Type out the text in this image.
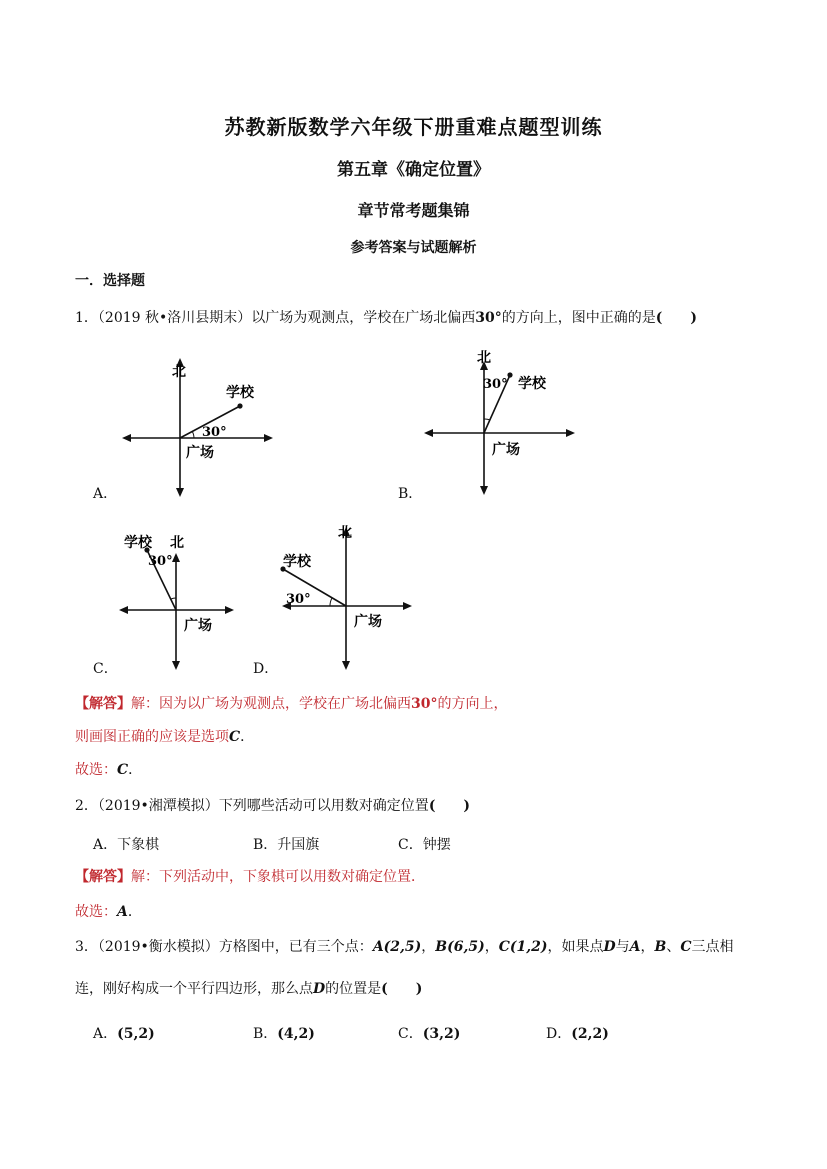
苏教新版数学六年级下册重难点题型训练
第五章《确定位置》
章节常考题集锦
参考答案与试题解析
一．选择题
1．（2019 秋•洛川县期末）以广场为观测点，学校在广场北偏西30°的方向上，图中正确的是(　　)
北
学校
30°
广场
A．
北
30° 学校
广场
B．
学校 北
30°
广场
C．
北
学校
30°
广场
D．
【解答】解：因为以广场为观测点，学校在广场北偏西30°的方向上，
则画图正确的应该是选项C．
故选：C．
2．（2019•湘潭模拟）下列哪些活动可以用数对确定位置(　　)
A．下象棋	B．升国旗	C．钟摆
【解答】解：下列活动中，下象棋可以用数对确定位置．
故选：A．
3．（2019•衡水模拟）方格图中，已有三个点：A(2,5)，B(6,5)，C(1,2)，如果点D与A，B、C三点相
连，刚好构成一个平行四边形，那么点D的位置是(　　)
A．(5,2)	B．(4,2)	C．(3,2)	D．(2,2)
